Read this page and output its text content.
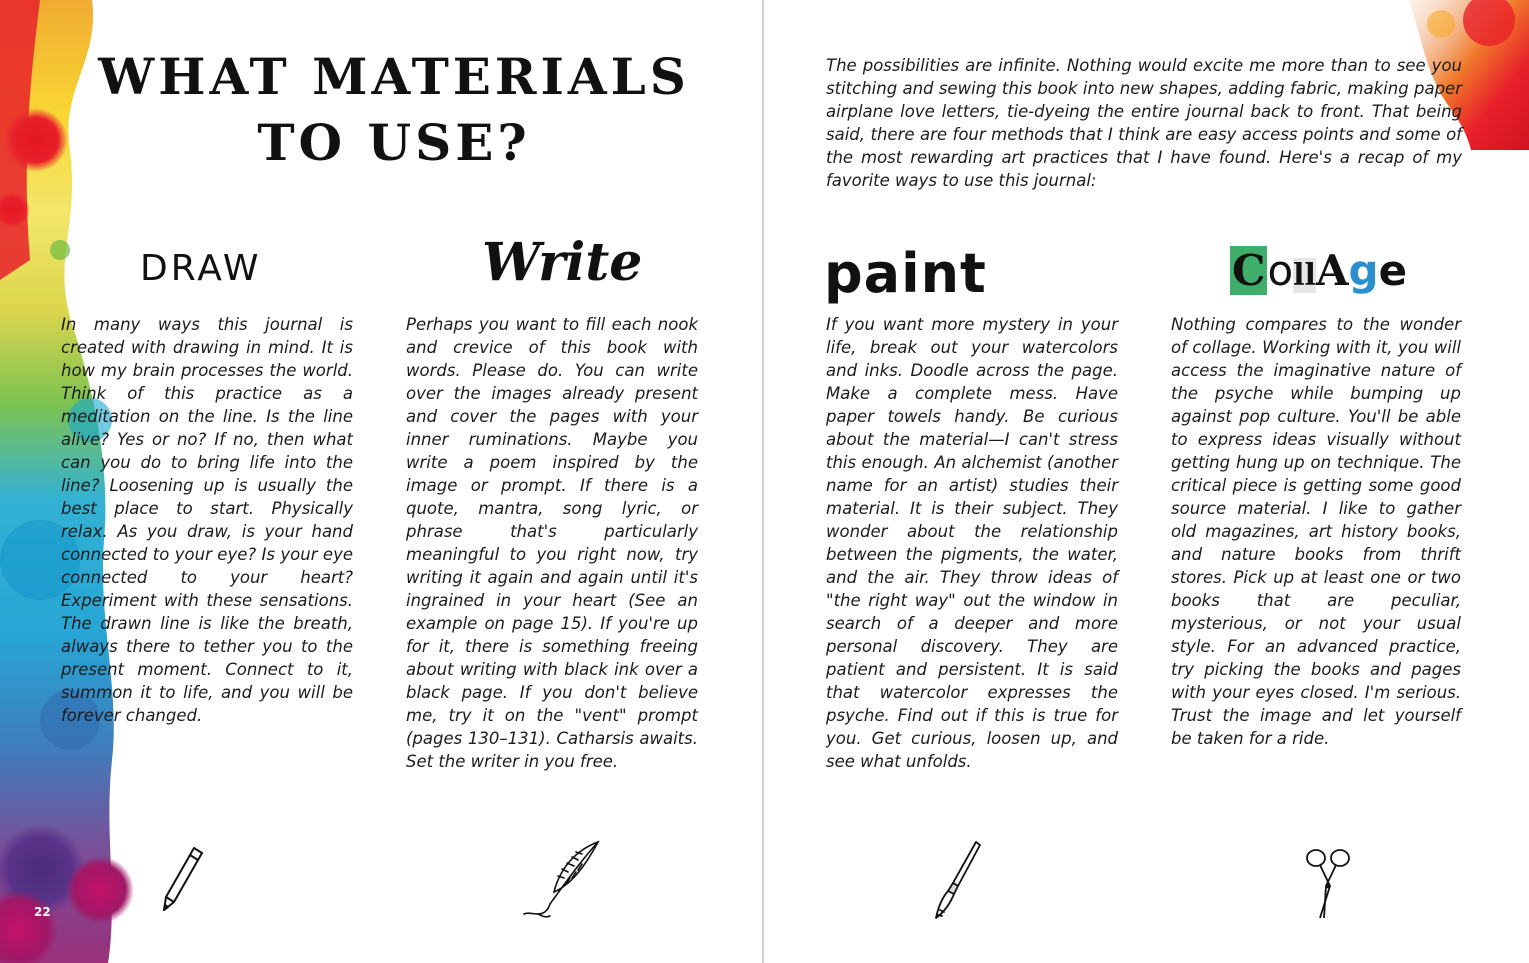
WHAT MATERIALS
TO USE?
DRAW	Write

In many ways this journal is created with drawing in mind. It is how my brain processes the world. Think of this practice as a meditation on the line. Is the line alive? Yes or no? If no, then what can you do to bring life into the line? Loosening up is usually the best place to start. Physically relax. As you draw, is your hand connected to your eye? Is your eye connected to your heart? Experiment with these sensations. The drawn line is like the breath, always there to tether you to the present moment. Connect to it, summon it to life, and you will be forever changed.

Perhaps you want to fill each nook and crevice of this book with words. Please do. You can write over the images already present and cover the pages with your inner ruminations. Maybe you write a poem inspired by the image or prompt. If there is a quote, mantra, song lyric, or phrase that's particularly meaningful to you right now, try writing it again and again until it's ingrained in your heart (See an example on page 15). If you're up for it, there is something freeing about writing with black ink over a black page. If you don't believe me, try it on the "vent" prompt (pages 130–131). Catharsis awaits. Set the writer in you free.

22

The possibilities are infinite. Nothing would excite me more than to see you stitching and sewing this book into new shapes, adding fabric, making paper airplane love letters, tie-dyeing the entire journal back to front. That being said, there are four methods that I think are easy access points and some of the most rewarding art practices that I have found. Here's a recap of my favorite ways to use this journal:

paint	CollAge

If you want more mystery in your life, break out your watercolors and inks. Doodle across the page. Make a complete mess. Have paper towels handy. Be curious about the material—I can't stress this enough. An alchemist (another name for an artist) studies their material. It is their subject. They wonder about the relationship between the pigments, the water, and the air. They throw ideas of "the right way" out the window in search of a deeper and more personal discovery. They are patient and persistent. It is said that watercolor expresses the psyche. Find out if this is true for you. Get curious, loosen up, and see what unfolds.

Nothing compares to the wonder of collage. Working with it, you will access the imaginative nature of the psyche while bumping up against pop culture. You'll be able to express ideas visually without getting hung up on technique. The critical piece is getting some good source material. I like to gather old magazines, art history books, and nature books from thrift stores. Pick up at least one or two books that are peculiar, mysterious, or not your usual style. For an advanced practice, try picking the books and pages with your eyes closed. I'm serious. Trust the image and let yourself be taken for a ride.
